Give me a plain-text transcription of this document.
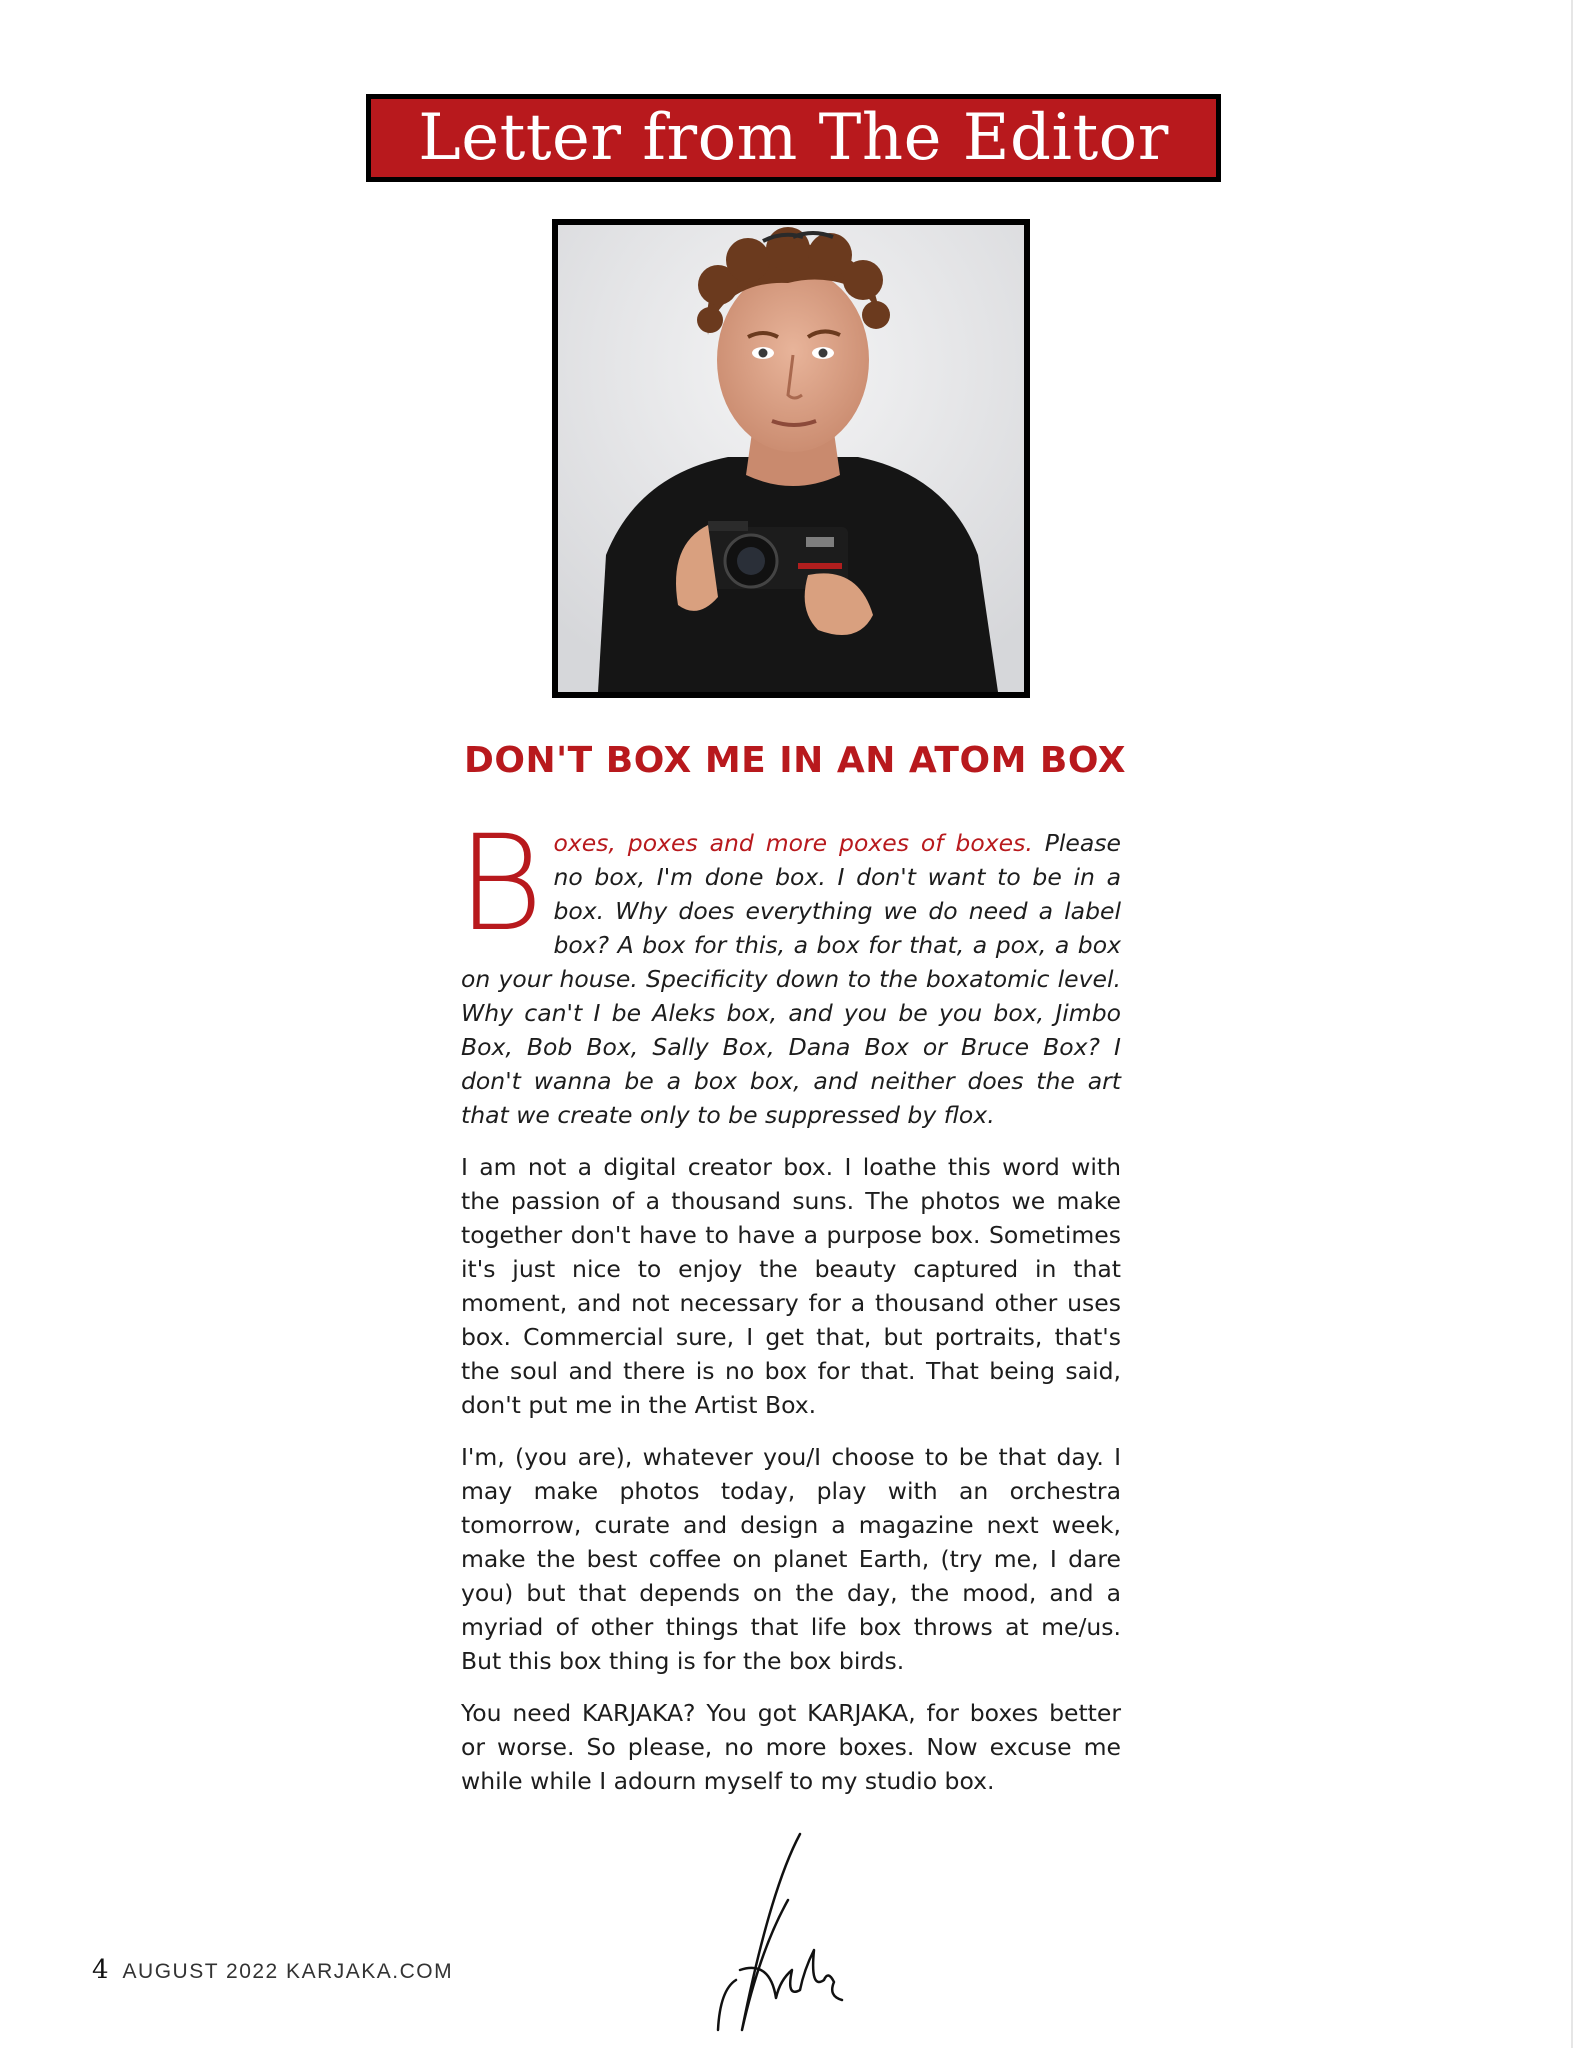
Letter from The Editor
DON'T BOX ME IN AN ATOM BOX

Boxes, poxes and more poxes of boxes. Please no box, I'm done box. I don't want to be in a box. Why does everything we do need a label box? A box for this, a box for that, a pox, a box on your house. Specificity down to the boxatomic level. Why can't I be Aleks box, and you be you box, Jimbo Box, Bob Box, Sally Box, Dana Box or Bruce Box? I don't wanna be a box box, and neither does the art that we create only to be suppressed by flox.

I am not a digital creator box. I loathe this word with the passion of a thousand suns. The photos we make together don't have to have a purpose box. Sometimes it's just nice to enjoy the beauty captured in that moment, and not necessary for a thousand other uses box. Commercial sure, I get that, but portraits, that's the soul and there is no box for that. That being said, don't put me in the Artist Box.

I'm, (you are), whatever you/I choose to be that day. I may make photos today, play with an orchestra tomorrow, curate and design a magazine next week, make the best coffee on planet Earth, (try me, I dare you) but that depends on the day, the mood, and a myriad of other things that life box throws at me/us. But this box thing is for the box birds.

You need KARJAKA? You got KARJAKA, for boxes better or worse. So please, no more boxes. Now excuse me while while I adourn myself to my studio box.

4 AUGUST 2022 KARJAKA.COM
